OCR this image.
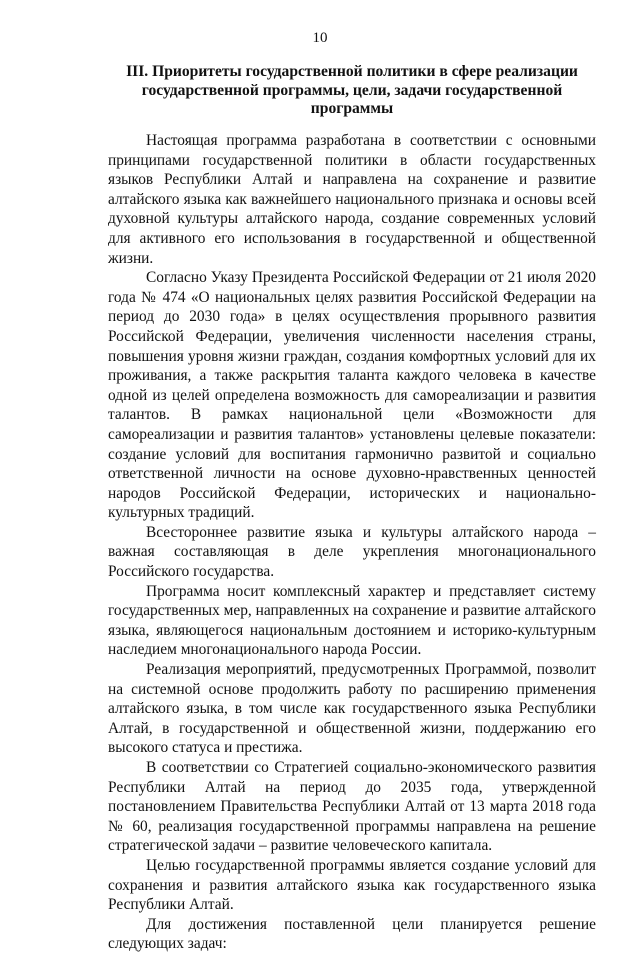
10
III. Приоритеты государственной политики в сфере реализации государственной программы, цели, задачи государственной программы

Настоящая программа разработана в соответствии с основными принципами государственной политики в области государственных языков Республики Алтай и направлена на сохранение и развитие алтайского языка как важнейшего национального признака и основы всей духовной культуры алтайского народа, создание современных условий для активного его использования в государственной и общественной жизни.

Согласно Указу Президента Российской Федерации от 21 июля 2020 года № 474 «О национальных целях развития Российской Федерации на период до 2030 года» в целях осуществления прорывного развития Российской Федерации, увеличения численности населения страны, повышения уровня жизни граждан, создания комфортных условий для их проживания, а также раскрытия таланта каждого человека в качестве одной из целей определена возможность для самореализации и развития талантов. В рамках национальной цели «Возможности для самореализации и развития талантов» установлены целевые показатели: создание условий для воспитания гармонично развитой и социально ответственной личности на основе духовно-нравственных ценностей народов Российской Федерации, исторических и национально-культурных традиций.

Всестороннее развитие языка и культуры алтайского народа – важная составляющая в деле укрепления многонационального Российского государства.

Программа носит комплексный характер и представляет систему государственных мер, направленных на сохранение и развитие алтайского языка, являющегося национальным достоянием и историко-культурным наследием многонационального народа России.

Реализация мероприятий, предусмотренных Программой, позволит на системной основе продолжить работу по расширению применения алтайского языка, в том числе как государственного языка Республики Алтай, в государственной и общественной жизни, поддержанию его высокого статуса и престижа.

В соответствии со Стратегией социально-экономического развития Республики Алтай на период до 2035 года, утвержденной постановлением Правительства Республики Алтай от 13 марта 2018 года № 60, реализация государственной программы направлена на решение стратегической задачи – развитие человеческого капитала.

Целью государственной программы является создание условий для сохранения и развития алтайского языка как государственного языка Республики Алтай.

Для достижения поставленной цели планируется решение следующих задач:
